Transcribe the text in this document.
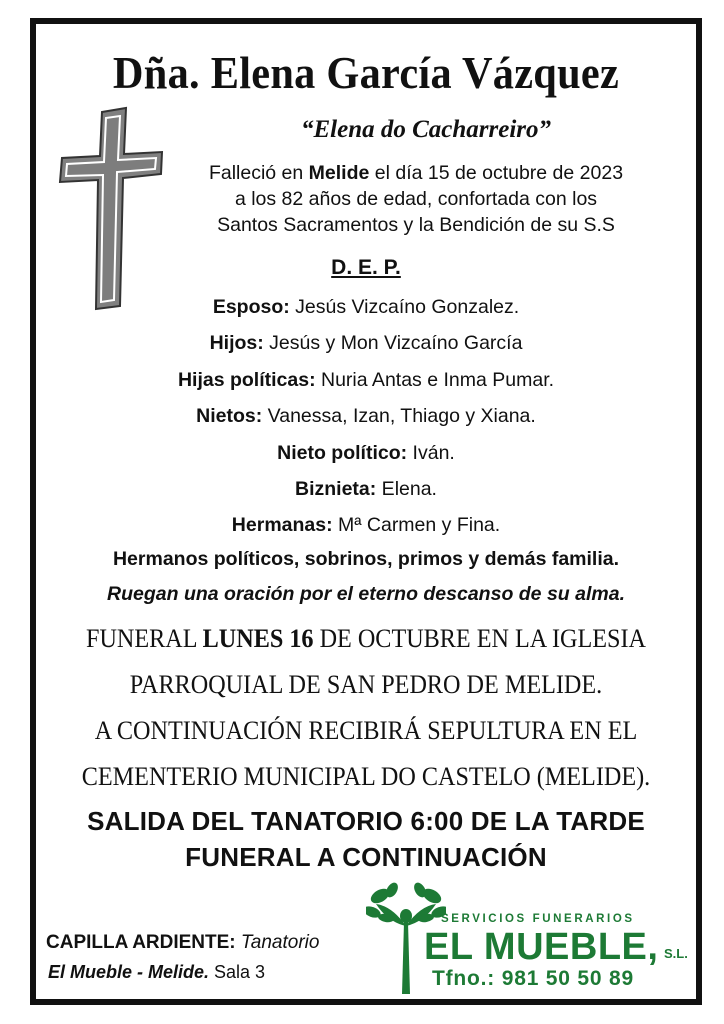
Dña. Elena García Vázquez
“Elena do Cacharreiro”
Falleció en Melide el día 15 de octubre de 2023
a los 82 años de edad, confortada con los
Santos Sacramentos y la Bendición de su S.S
D. E. P.
Esposo: Jesús Vizcaíno Gonzalez.
Hijos: Jesús y Mon Vizcaíno García
Hijas políticas: Nuria Antas e Inma Pumar.
Nietos: Vanessa, Izan, Thiago y Xiana.
Nieto político: Iván.
Biznieta: Elena.
Hermanas: Mª Carmen y Fina.
Hermanos políticos, sobrinos, primos y demás familia.
Ruegan una oración por el eterno descanso de su alma.
FUNERAL LUNES 16 DE OCTUBRE EN LA IGLESIA
PARROQUIAL DE SAN PEDRO DE MELIDE.
A CONTINUACIÓN RECIBIRÁ SEPULTURA EN EL
CEMENTERIO MUNICIPAL DO CASTELO (MELIDE).
SALIDA DEL TANATORIO 6:00 DE LA TARDE
FUNERAL A CONTINUACIÓN
CAPILLA ARDIENTE: Tanatorio
El Mueble - Melide. Sala 3
SERVICIOS FUNERARIOS
EL MUEBLE, S.L.
Tfno.: 981 50 50 89
